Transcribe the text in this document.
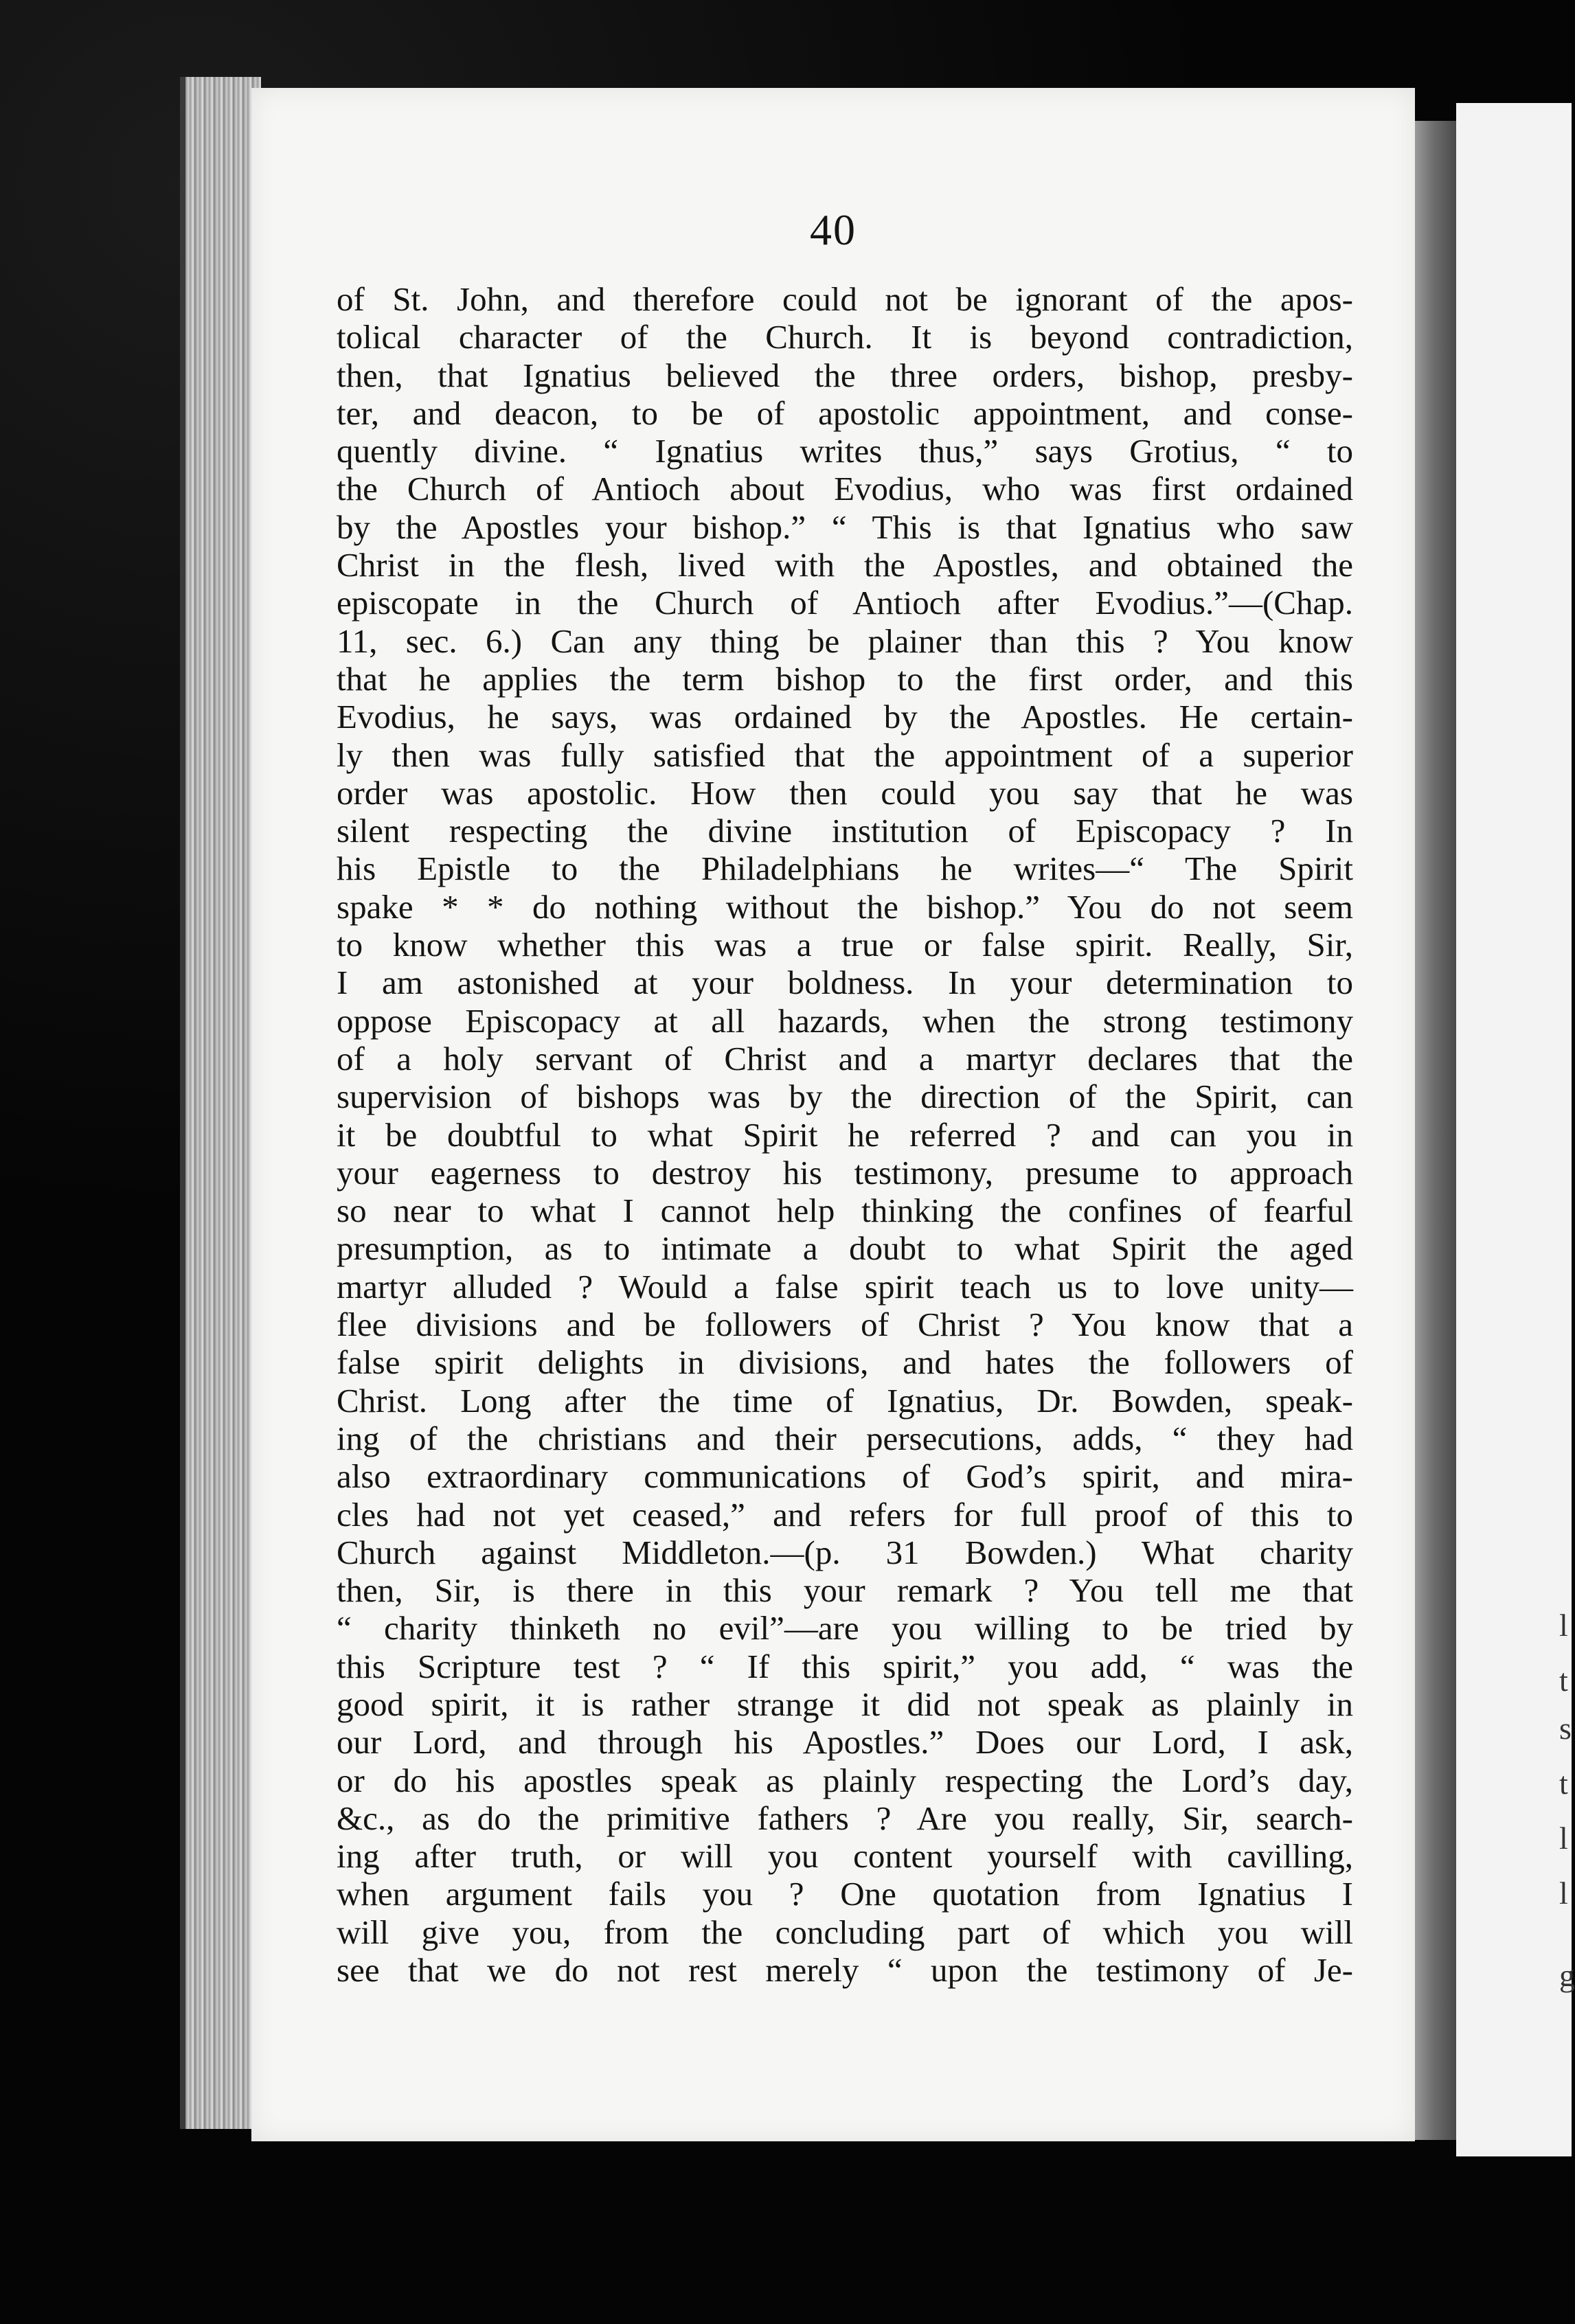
40
of St. John, and therefore could not be ignorant of the apos-
tolical character of the Church. It is beyond contradiction,
then, that Ignatius believed the three orders, bishop, presby-
ter, and deacon, to be of apostolic appointment, and conse-
quently divine. “ Ignatius writes thus,” says Grotius, “ to
the Church of Antioch about Evodius, who was first ordained
by the Apostles your bishop.” “ This is that Ignatius who saw
Christ in the flesh, lived with the Apostles, and obtained the
episcopate in the Church of Antioch after Evodius.”—(Chap.
11, sec. 6.) Can any thing be plainer than this ? You know
that he applies the term bishop to the first order, and this
Evodius, he says, was ordained by the Apostles. He certain-
ly then was fully satisfied that the appointment of a superior
order was apostolic. How then could you say that he was
silent respecting the divine institution of Episcopacy ? In
his Epistle to the Philadelphians he writes—“ The Spirit
spake * * do nothing without the bishop.” You do not seem
to know whether this was a true or false spirit. Really, Sir,
I am astonished at your boldness. In your determination to
oppose Episcopacy at all hazards, when the strong testimony
of a holy servant of Christ and a martyr declares that the
supervision of bishops was by the direction of the Spirit, can
it be doubtful to what Spirit he referred ? and can you in
your eagerness to destroy his testimony, presume to approach
so near to what I cannot help thinking the confines of fearful
presumption, as to intimate a doubt to what Spirit the aged
martyr alluded ? Would a false spirit teach us to love unity—
flee divisions and be followers of Christ ? You know that a
false spirit delights in divisions, and hates the followers of
Christ. Long after the time of Ignatius, Dr. Bowden, speak-
ing of the christians and their persecutions, adds, “ they had
also extraordinary communications of God’s spirit, and mira-
cles had not yet ceased,” and refers for full proof of this to
Church against Middleton.—(p. 31 Bowden.) What charity
then, Sir, is there in this your remark ? You tell me that
“ charity thinketh no evil”—are you willing to be tried by
this Scripture test ? “ If this spirit,” you add, “ was the
good spirit, it is rather strange it did not speak as plainly in
our Lord, and through his Apostles.” Does our Lord, I ask,
or do his apostles speak as plainly respecting the Lord’s day,
&c., as do the primitive fathers ? Are you really, Sir, search-
ing after truth, or will you content yourself with cavilling,
when argument fails you ? One quotation from Ignatius I
will give you, from the concluding part of which you will
see that we do not rest merely “ upon the testimony of Je-
l
t
s
t
l
l
g
